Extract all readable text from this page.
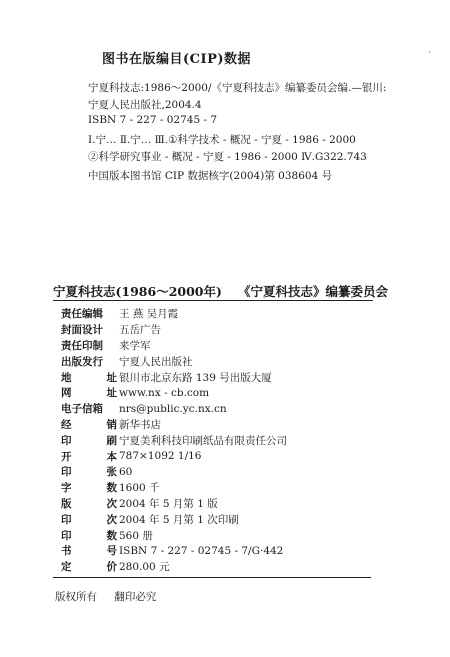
图书在版编目(CIP)数据
宁夏科技志:1986～2000/《宁夏科技志》编纂委员会编.—银川:
宁夏人民出版社,2004.4
ISBN 7 - 227 - 02745 - 7
Ⅰ.宁… Ⅱ.宁… Ⅲ.①科学技术 - 概况 - 宁夏 - 1986 - 2000
②科学研究事业 - 概况 - 宁夏 - 1986 - 2000 Ⅳ.G322.743
中国版本图书馆 CIP 数据核字(2004)第 038604 号
宁夏科技志(1986～2000年) 《宁夏科技志》编纂委员会
责任编辑 王 燕 吴月霞
封面设计 五岳广告
责任印制 来学军
出版发行 宁夏人民出版社
地	址 银川市北京东路 139 号出版大厦
网	址 www.nx - cb.com
电子信箱 nrs@public.yc.nx.cn
经	销 新华书店
印	刷 宁夏美利科技印刷纸品有限责任公司
开	本 787×1092 1/16
印	张 60
字	数 1600 千
版	次 2004 年 5 月第 1 版
印	次 2004 年 5 月第 1 次印刷
印	数 560 册
书	号 ISBN 7 - 227 - 02745 - 7/G·442
定	价 280.00 元
版权所有 翻印必究
·
